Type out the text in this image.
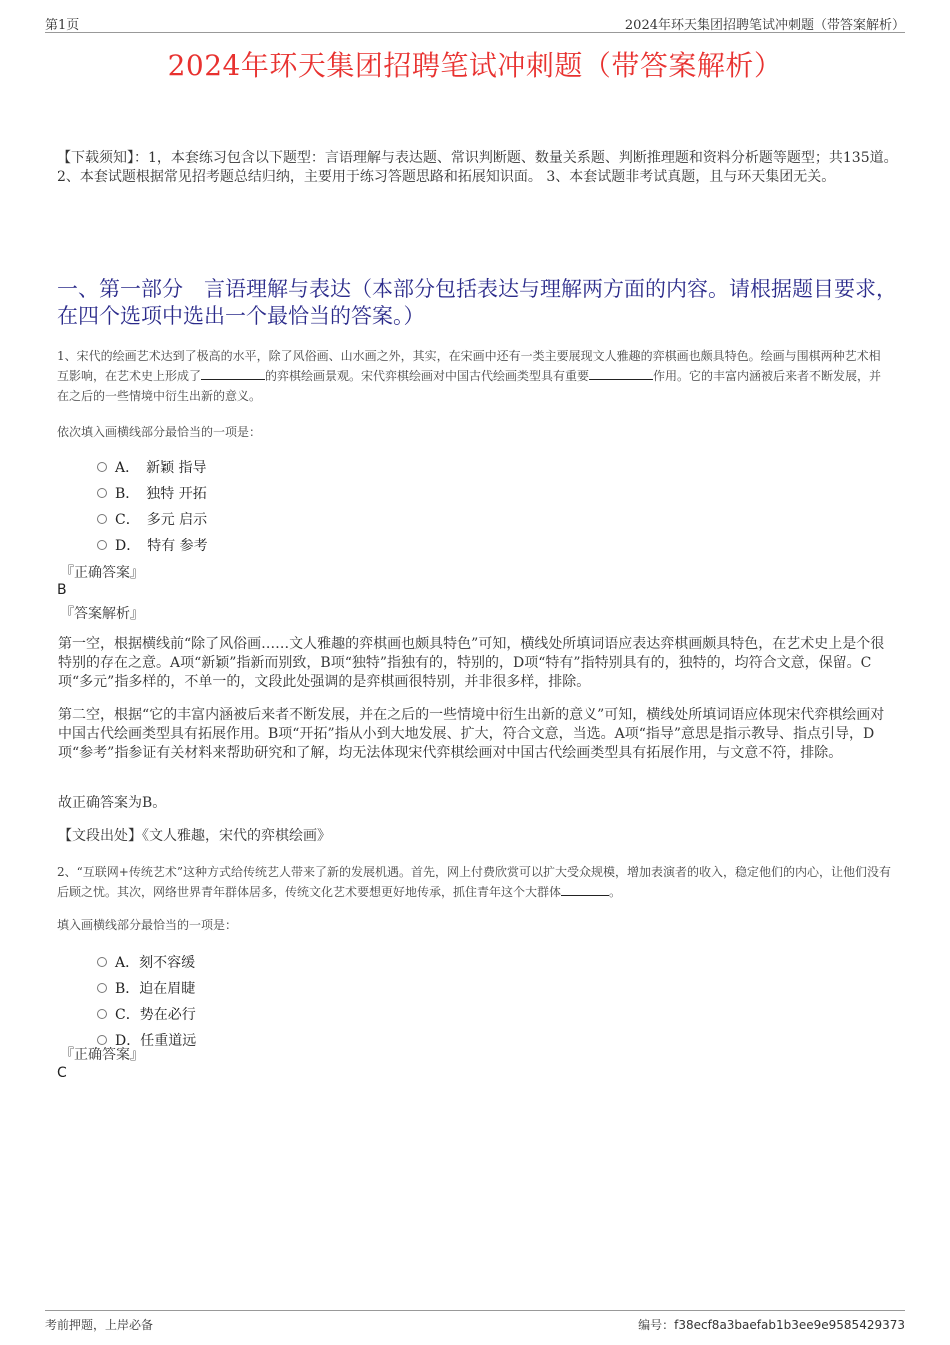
第1页	2024年环天集团招聘笔试冲刺题（带答案解析）
2024年环天集团招聘笔试冲刺题（带答案解析）
【下载须知】：1，本套练习包含以下题型：言语理解与表达题、常识判断题、数量关系题、判断推理题和资料分析题等题型；共135道。 2、本套试题根据常见招考题总结归纳，主要用于练习答题思路和拓展知识面。 3、本套试题非考试真题，且与环天集团无关。
一、第一部分　言语理解与表达（本部分包括表达与理解两方面的内容。请根据题目要求，在四个选项中选出一个最恰当的答案。）
1、宋代的绘画艺术达到了极高的水平，除了风俗画、山水画之外，其实，在宋画中还有一类主要展现文人雅趣的弈棋画也颇具特色。绘画与围棋两种艺术相互影响，在艺术史上形成了	的弈棋绘画景观。宋代弈棋绘画对中国古代绘画类型具有重要	作用。它的丰富内涵被后来者不断发展，并在之后的一些情境中衍生出新的意义。
依次填入画横线部分最恰当的一项是：
A．　新颖 指导
B．　独特 开拓
C．　多元 启示
D．　特有 参考
『正确答案』
B
『答案解析』
第一空，根据横线前“除了风俗画……文人雅趣的弈棋画也颇具特色”可知，横线处所填词语应表达弈棋画颇具特色，在艺术史上是个很特别的存在之意。A项“新颖”指新而别致，B项“独特”指独有的，特别的，D项“特有”指特别具有的，独特的，均符合文意，保留。C项“多元”指多样的，不单一的，文段此处强调的是弈棋画很特别，并非很多样，排除。
第二空，根据“它的丰富内涵被后来者不断发展，并在之后的一些情境中衍生出新的意义”可知，横线处所填词语应体现宋代弈棋绘画对中国古代绘画类型具有拓展作用。B项“开拓”指从小到大地发展、扩大，符合文意，当选。A项“指导”意思是指示教导、指点引导，D项“参考”指参证有关材料来帮助研究和了解，均无法体现宋代弈棋绘画对中国古代绘画类型具有拓展作用，与文意不符，排除。
故正确答案为B。
【文段出处】《文人雅趣，宋代的弈棋绘画》
2、“互联网+传统艺术”这种方式给传统艺人带来了新的发展机遇。首先，网上付费欣赏可以扩大受众规模，增加表演者的收入，稳定他们的内心，让他们没有后顾之忧。其次，网络世界青年群体居多，传统文化艺术要想更好地传承，抓住青年这个大群体	。
填入画横线部分最恰当的一项是：
A．刻不容缓
B．迫在眉睫
C．势在必行
D．任重道远
『正确答案』
C
考前押题，上岸必备	编号：f38ecf8a3baefab1b3ee9e9585429373
